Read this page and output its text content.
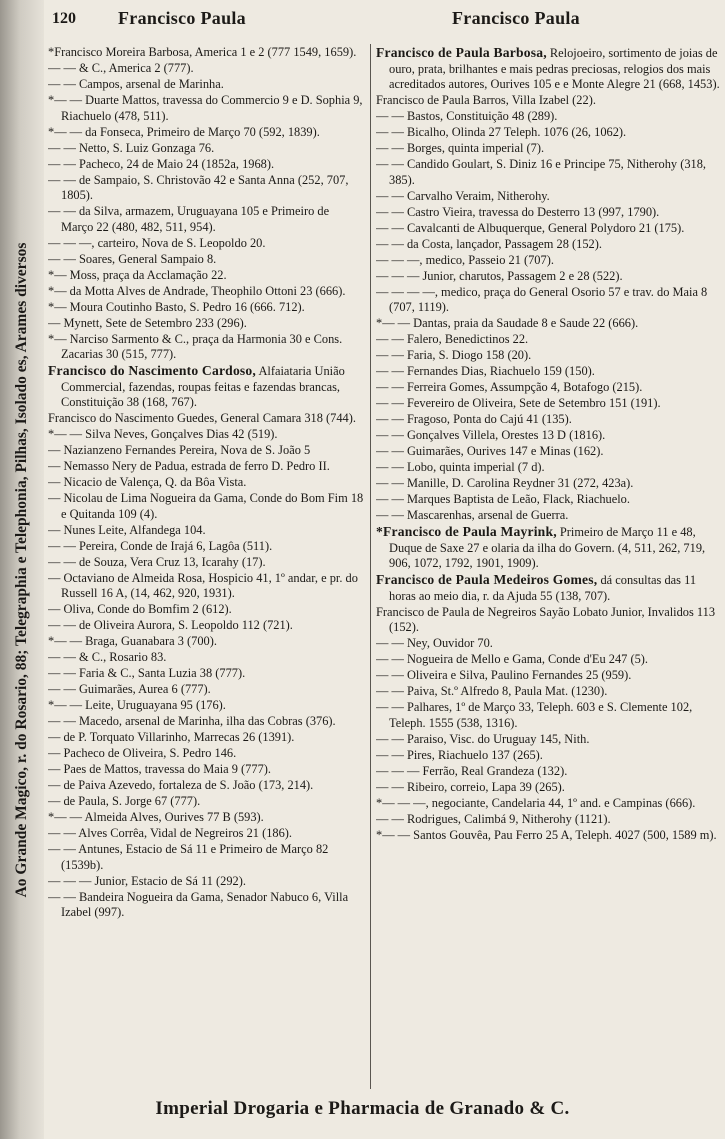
Ao Grande Magico, r. do Rosario, 88; Telegraphia e Telephonia, Pilhas, Isolado es, Arames diversos
120 Francisco Paula	Francisco Paula
*Francisco Moreira Barbosa, America 1 e 2 (777 1549, 1659).
— — & C., America 2 (777).
— — Campos, arsenal de Marinha.
*— — Duarte Mattos, travessa do Commercio 9 e D. Sophia 9, Riachuelo (478, 511).
*— — da Fonseca, Primeiro de Março 70 (592, 1839).
— — Netto, S. Luiz Gonzaga 76.
— — Pacheco, 24 de Maio 24 (1852a, 1968).
— — de Sampaio, S. Christovão 42 e Santa Anna (252, 707, 1805).
— — da Silva, armazem, Uruguayana 105 e Primeiro de Março 22 (480, 482, 511, 954).
— — —, carteiro, Nova de S. Leopoldo 20.
— — Soares, General Sampaio 8.
*— Moss, praça da Acclamação 22.
*— da Motta Alves de Andrade, Theophilo Ottoni 23 (666).
*— Moura Coutinho Basto, S. Pedro 16 (666. 712).
— Mynett, Sete de Setembro 233 (296).
*— Narciso Sarmento & C., praça da Harmonia 30 e Cons. Zacarias 30 (515, 777).
Francisco do Nascimento Cardoso, Alfaiataria União Commercial, fazendas, roupas feitas e fazendas brancas, Constituição 38 (168, 767).
Francisco do Nascimento Guedes, General Camara 318 (744).
*— — Silva Neves, Gonçalves Dias 42 (519).
— Nazianzeno Fernandes Pereira, Nova de S. João 5
— Nemasso Nery de Padua, estrada de ferro D. Pedro II.
— Nicacio de Valença, Q. da Bôa Vista.
— Nicolau de Lima Nogueira da Gama, Conde do Bom Fim 18 e Quitanda 109 (4).
— Nunes Leite, Alfandega 104.
— — Pereira, Conde de Irajá 6, Lagôa (511).
— — de Souza, Vera Cruz 13, Icarahy (17).
— Octaviano de Almeida Rosa, Hospicio 41, 1º andar, e pr. do Russell 16 A, (14, 462, 920, 1931).
— Oliva, Conde do Bomfim 2 (612).
— — de Oliveira Aurora, S. Leopoldo 112 (721).
*— — Braga, Guanabara 3 (700).
— — & C., Rosario 83.
— — Faria & C., Santa Luzia 38 (777).
— — Guimarães, Aurea 6 (777).
*— — Leite, Uruguayana 95 (176).
— — Macedo, arsenal de Marinha, ilha das Cobras (376).
— de P. Torquato Villarinho, Marrecas 26 (1391).
— Pacheco de Oliveira, S. Pedro 146.
— Paes de Mattos, travessa do Maia 9 (777).
— de Paiva Azevedo, fortaleza de S. João (173, 214).
— de Paula, S. Jorge 67 (777).
*— — Almeida Alves, Ourives 77 B (593).
— — Alves Corrêa, Vidal de Negreiros 21 (186).
— — Antunes, Estacio de Sá 11 e Primeiro de Março 82 (1539b).
— — — Junior, Estacio de Sá 11 (292).
— — Bandeira Nogueira da Gama, Senador Nabuco 6, Villa Izabel (997).
Francisco de Paula Barbosa, Relojoeiro, sortimento de joias de ouro, prata, brilhantes e mais pedras preciosas, relogios dos mais acreditados autores, Ourives 105 e e Monte Alegre 21 (668, 1453).
Francisco de Paula Barros, Villa Izabel (22).
— — Bastos, Constituição 48 (289).
— — Bicalho, Olinda 27 Teleph. 1076 (26, 1062).
— — Borges, quinta imperial (7).
— — Candido Goulart, S. Diniz 16 e Principe 75, Nitherohy (318, 385).
— — Carvalho Veraim, Nitherohy.
— — Castro Vieira, travessa do Desterro 13 (997, 1790).
— — Cavalcanti de Albuquerque, General Polydoro 21 (175).
— — da Costa, lançador, Passagem 28 (152).
— — —, medico, Passeio 21 (707).
— — — Junior, charutos, Passagem 2 e 28 (522).
— — — —, medico, praça do General Osorio 57 e trav. do Maia 8 (707, 1119).
*— — Dantas, praia da Saudade 8 e Saude 22 (666).
— — Falero, Benedictinos 22.
— — Faria, S. Diogo 158 (20).
— — Fernandes Dias, Riachuelo 159 (150).
— — Ferreira Gomes, Assumpção 4, Botafogo (215).
— — Fevereiro de Oliveira, Sete de Setembro 151 (191).
— — Fragoso, Ponta do Cajú 41 (135).
— — Gonçalves Villela, Orestes 13 D (1816).
— — Guimarães, Ourives 147 e Minas (162).
— — Lobo, quinta imperial (7 d).
— — Manille, D. Carolina Reydner 31 (272, 423a).
— — Marques Baptista de Leão, Flack, Riachuelo.
— — Mascarenhas, arsenal de Guerra.
*Francisco de Paula Mayrink, Primeiro de Março 11 e 48, Duque de Saxe 27 e olaria da ilha do Govern. (4, 511, 262, 719, 906, 1072, 1792, 1901, 1909).
Francisco de Paula Medeiros Gomes, dá consultas das 11 horas ao meio dia, r. da Ajuda 55 (138, 707).
Francisco de Paula de Negreiros Sayão Lobato Junior, Invalidos 113 (152).
— — Ney, Ouvidor 70.
— — Nogueira de Mello e Gama, Conde d'Eu 247 (5).
— — Oliveira e Silva, Paulino Fernandes 25 (959).
— — Paiva, St.º Alfredo 8, Paula Mat. (1230).
— — Palhares, 1º de Março 33, Teleph. 603 e S. Clemente 102, Teleph. 1555 (538, 1316).
— — Paraiso, Visc. do Uruguay 145, Nith.
— — Pires, Riachuelo 137 (265).
— — — Ferrão, Real Grandeza (132).
— — Ribeiro, correio, Lapa 39 (265).
*— — —, negociante, Candelaria 44, 1º and. e Campinas (666).
— — Rodrigues, Calimbá 9, Nitherohy (1121).
*— — Santos Gouvêa, Pau Ferro 25 A, Teleph. 4027 (500, 1589 m).
Imperial Drogaria e Pharmacia de Granado & C.
